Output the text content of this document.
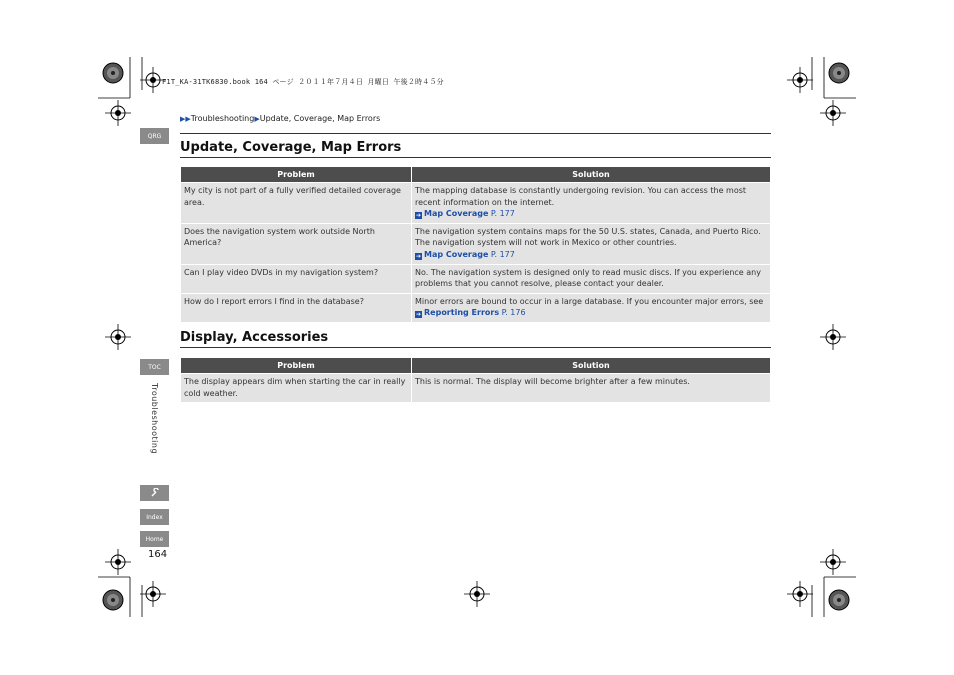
F1T_KA-31TK6830.book 164 ページ ２０１１年７月４日 月曜日 午後２時４５分
▶▶Troubleshooting▶Update, Coverage, Map Errors
QRG
TOC
Troubleshooting
Index
Home
164
Update, Coverage, Map Errors
Problem	Solution
My city is not part of a fully verified detailed coverage area.	The mapping database is constantly undergoing revision. You can access the most recent information on the internet.
➔ Map Coverage P. 177
Does the navigation system work outside North America?	The navigation system contains maps for the 50 U.S. states, Canada, and Puerto Rico. The navigation system will not work in Mexico or other countries.
➔ Map Coverage P. 177
Can I play video DVDs in my navigation system?	No. The navigation system is designed only to read music discs. If you experience any problems that you cannot resolve, please contact your dealer.
How do I report errors I find in the database?	Minor errors are bound to occur in a large database. If you encounter major errors, see
➔ Reporting Errors P. 176
Display, Accessories
Problem	Solution
The display appears dim when starting the car in really cold weather.	This is normal. The display will become brighter after a few minutes.
